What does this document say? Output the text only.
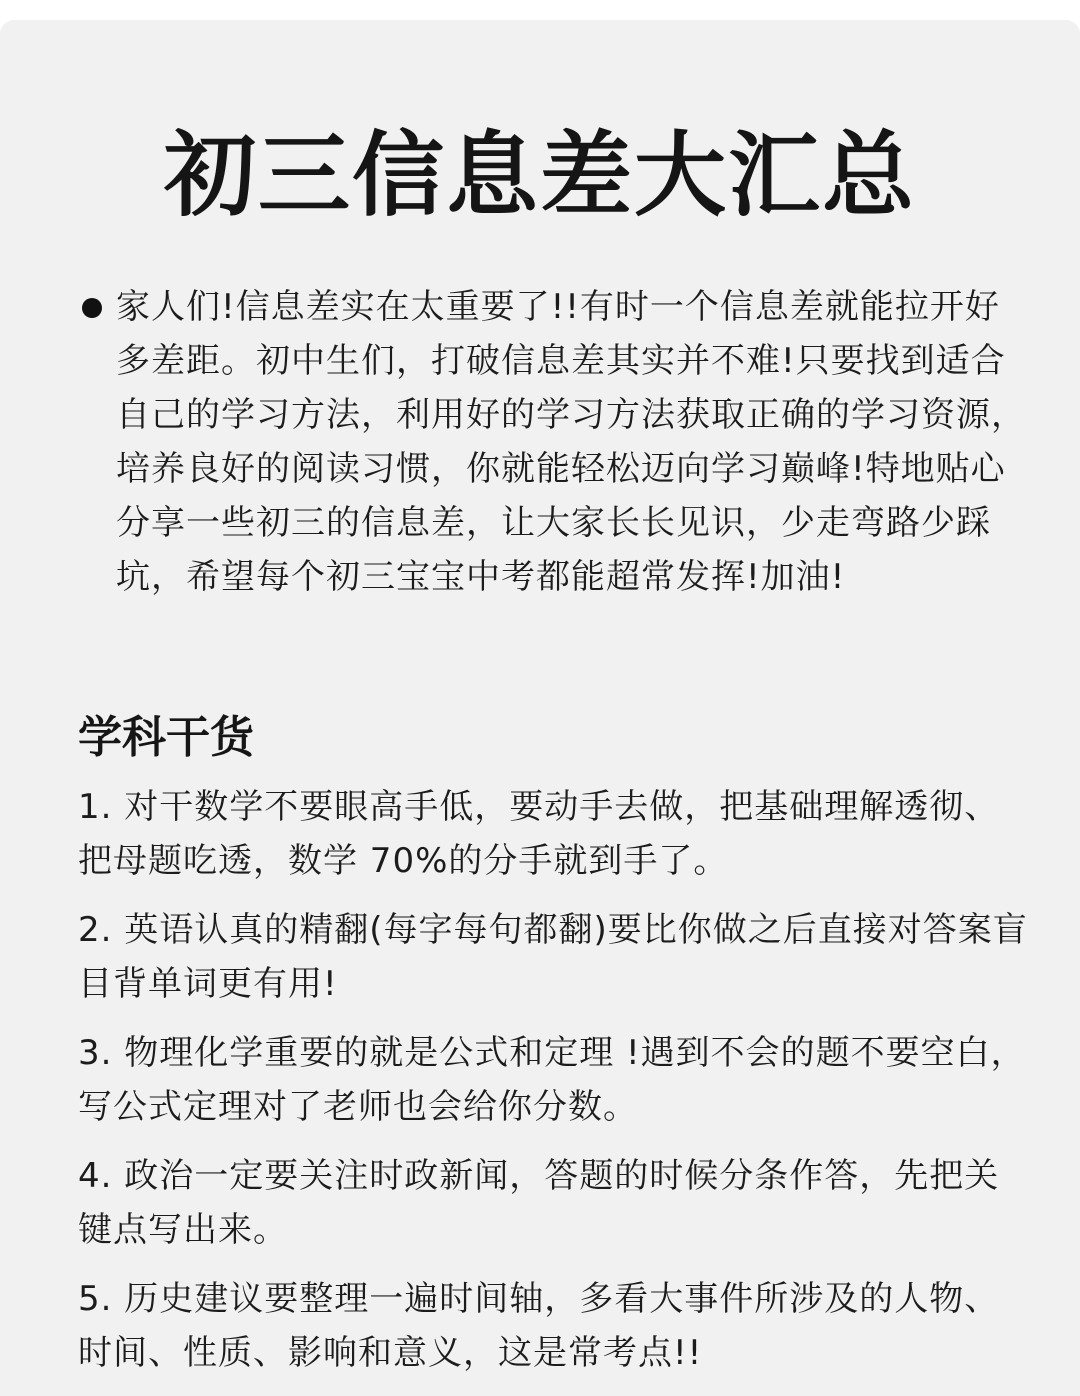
初三信息差大汇总
家人们!信息差实在太重要了!!有时一个信息差就能拉开好多差距。初中生们，打破信息差其实并不难!只要找到适合自己的学习方法，利用好的学习方法获取正确的学习资源，培养良好的阅读习惯，你就能轻松迈向学习巅峰!特地贴心分享一些初三的信息差，让大家长长见识，少走弯路少踩坑，希望每个初三宝宝中考都能超常发挥!加油!
学科干货
1. 对干数学不要眼高手低，要动手去做，把基础理解透彻、把母题吃透，数学 70%的分手就到手了。
2. 英语认真的精翻(每字每句都翻)要比你做之后直接对答案盲目背单词更有用!
3. 物理化学重要的就是公式和定理 !遇到不会的题不要空白，写公式定理对了老师也会给你分数。
4. 政治一定要关注时政新闻，答题的时候分条作答，先把关键点写出来。
5. 历史建议要整理一遍时间轴，多看大事件所涉及的人物、时间、性质、影响和意义，这是常考点!!
